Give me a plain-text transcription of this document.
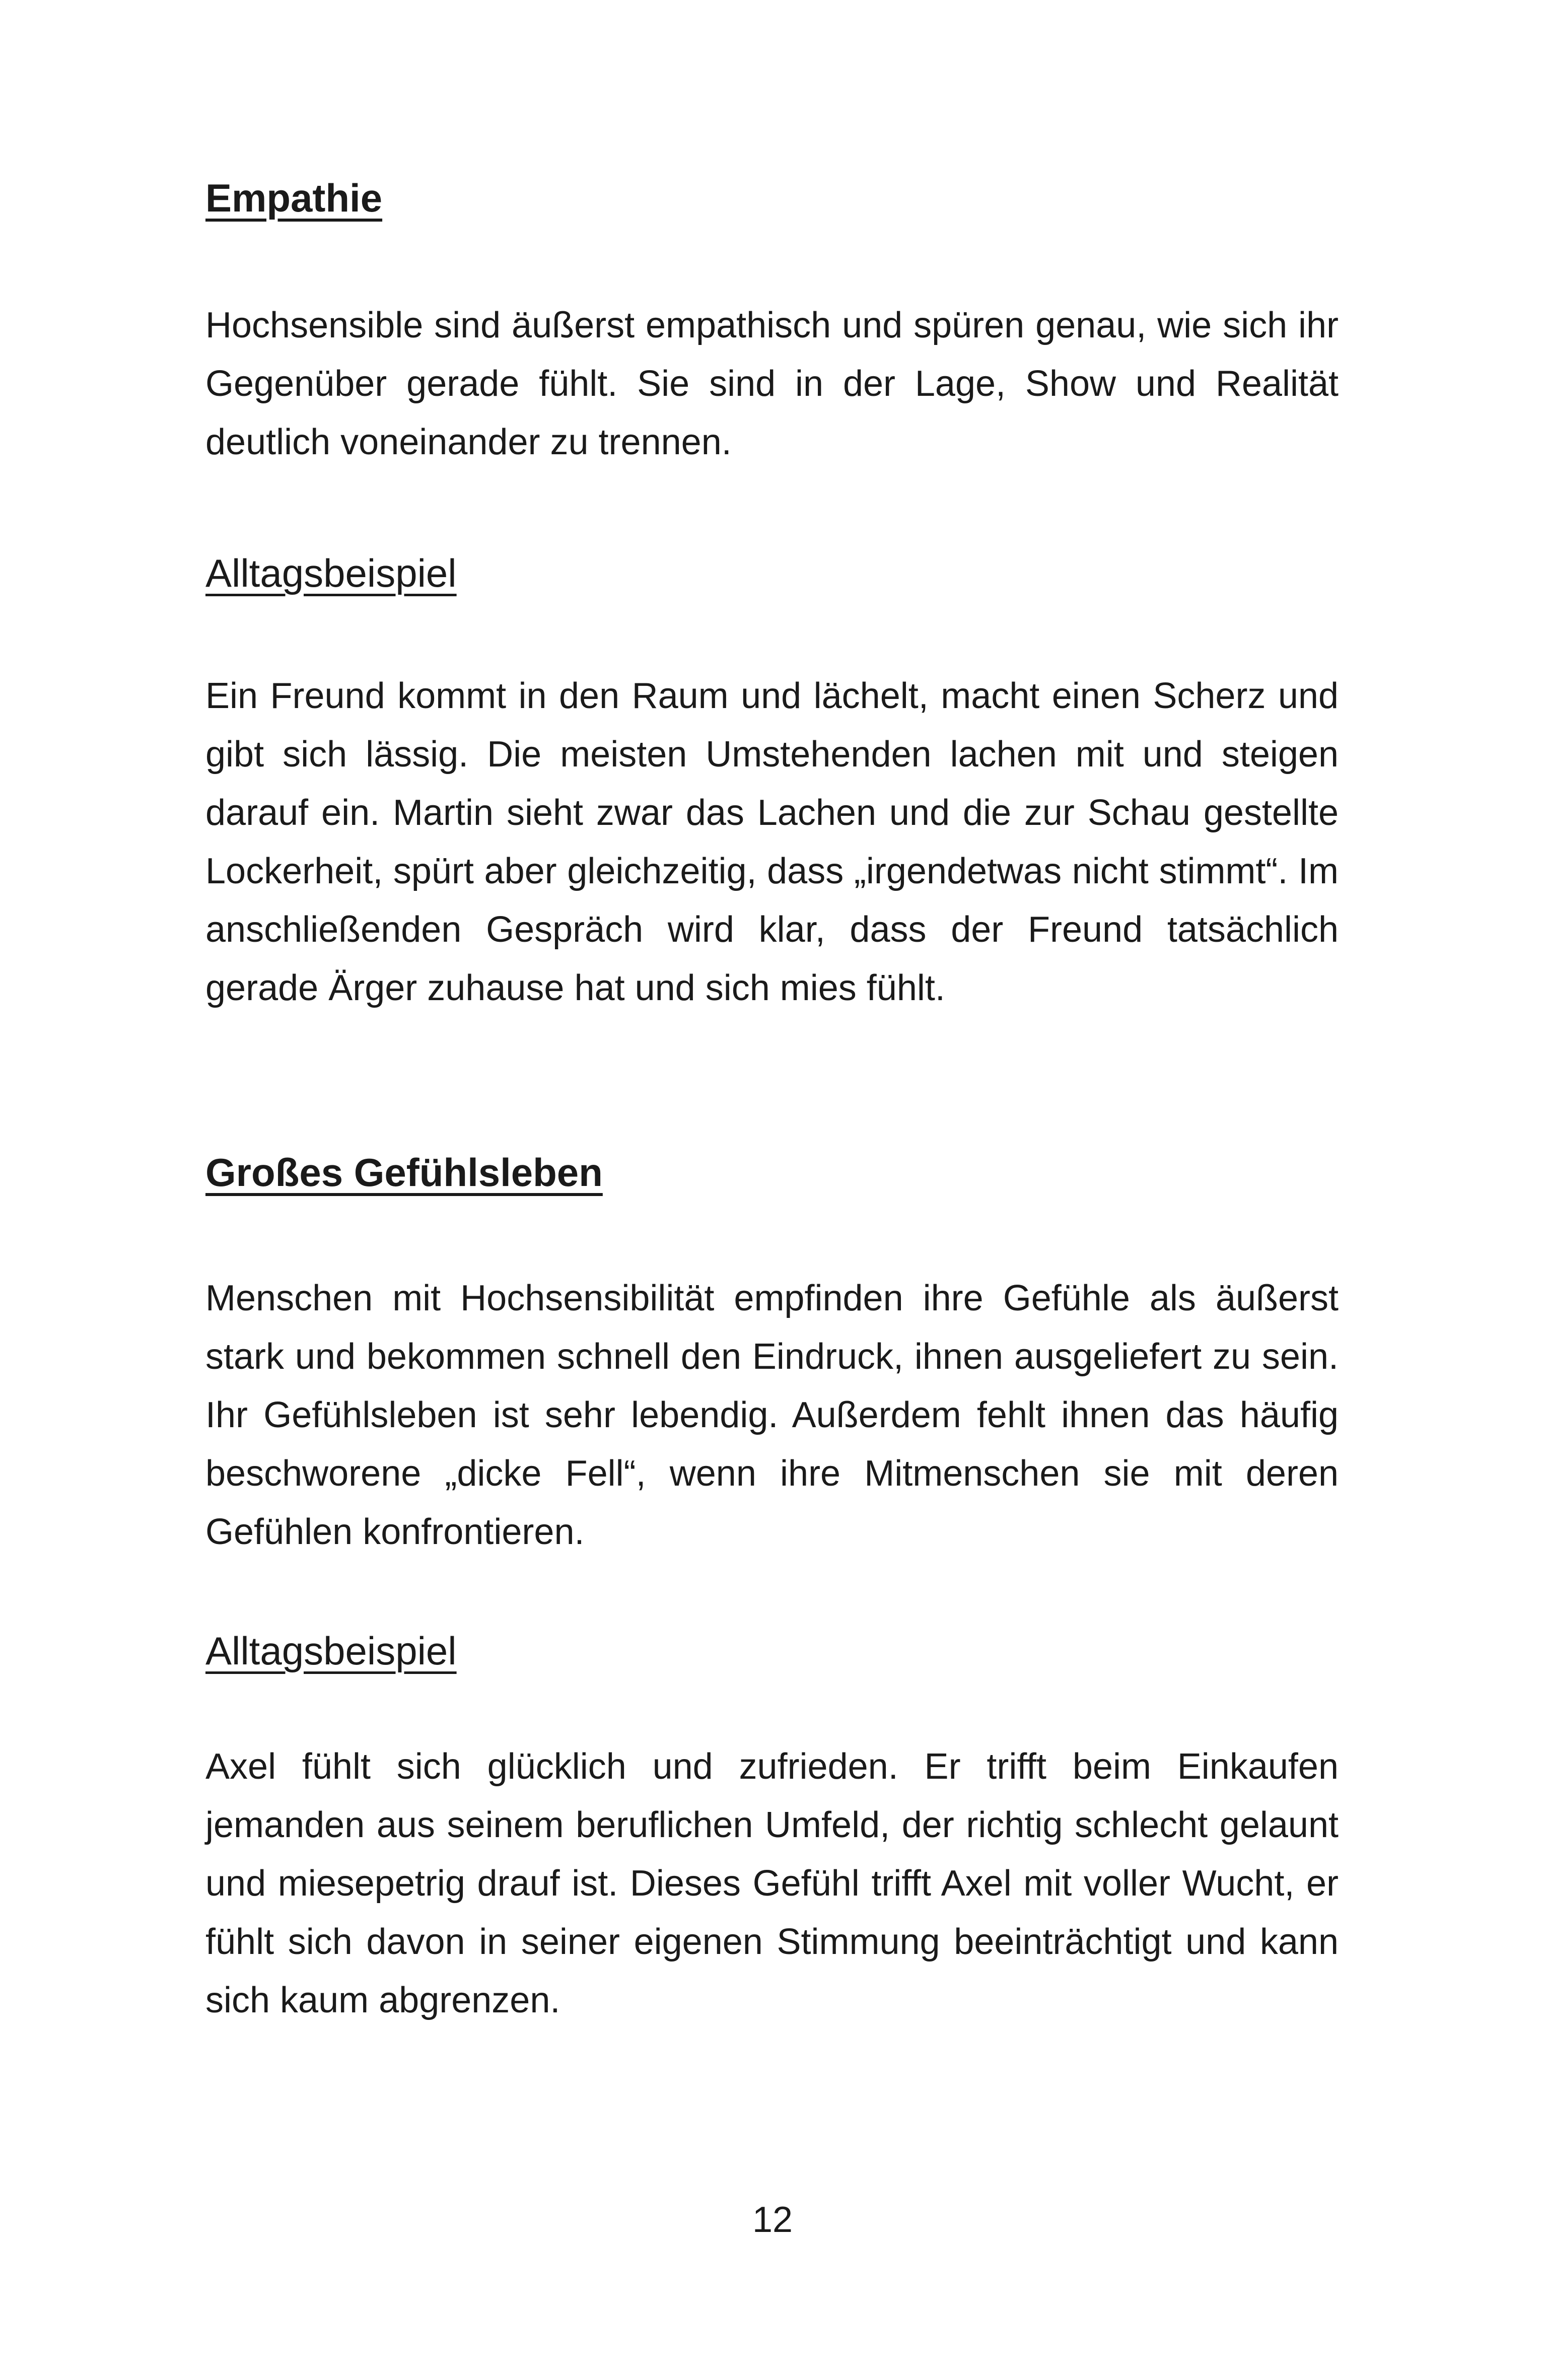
Empathie

Hochsensible sind äußerst empathisch und spüren genau, wie sich ihr Gegenüber gerade fühlt. Sie sind in der Lage, Show und Realität deutlich voneinander zu trennen.

Alltagsbeispiel

Ein Freund kommt in den Raum und lächelt, macht einen Scherz und gibt sich lässig. Die meisten Umstehenden lachen mit und steigen darauf ein. Martin sieht zwar das Lachen und die zur Schau gestellte Lockerheit, spürt aber gleichzeitig, dass „irgendetwas nicht stimmt“. Im anschließenden Gespräch wird klar, dass der Freund tatsächlich gerade Ärger zuhause hat und sich mies fühlt.

Großes Gefühlsleben

Menschen mit Hochsensibilität empfinden ihre Gefühle als äußerst stark und bekommen schnell den Eindruck, ihnen ausgeliefert zu sein. Ihr Gefühlsleben ist sehr lebendig. Außerdem fehlt ihnen das häufig beschworene „dicke Fell“, wenn ihre Mitmenschen sie mit deren Gefühlen konfrontieren.

Alltagsbeispiel

Axel fühlt sich glücklich und zufrieden. Er trifft beim Einkaufen jemanden aus seinem beruflichen Umfeld, der richtig schlecht gelaunt und miesepetrig drauf ist. Dieses Gefühl trifft Axel mit voller Wucht, er fühlt sich davon in seiner eigenen Stimmung beeinträchtigt und kann sich kaum abgrenzen.

12
